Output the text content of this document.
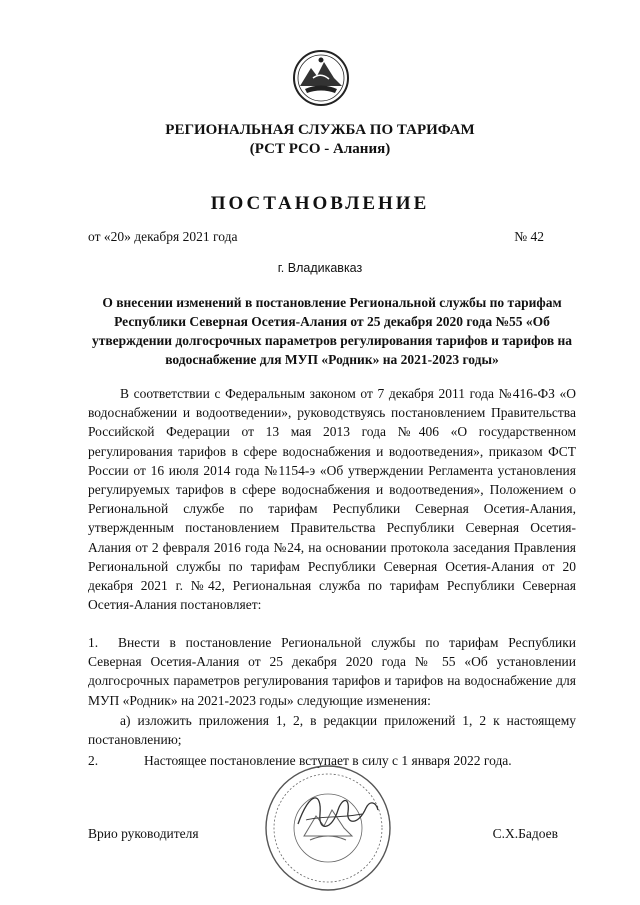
РЕГИОНАЛЬНАЯ СЛУЖБА ПО ТАРИФАМ
(РСТ РСО - Алания)
ПОСТАНОВЛЕНИЕ
от «20» декабря 2021 года	№ 42
г. Владикавказ
О внесении изменений в постановление Региональной службы по тарифам Республики Северная Осетия-Алания от 25 декабря 2020 года №55 «Об утверждении долгосрочных параметров регулирования тарифов и тарифов на водоснабжение для МУП «Родник» на 2021-2023 годы»
В соответствии с Федеральным законом от 7 декабря 2011 года №416-ФЗ «О водоснабжении и водоотведении», руководствуясь постановлением Правительства Российской Федерации от 13 мая 2013 года №406 «О государственном регулирования тарифов в сфере водоснабжения и водоотведения», приказом ФСТ России от 16 июля 2014 года №1154-э «Об утверждении Регламента установления регулируемых тарифов в сфере водоснабжения и водоотведения», Положением о Региональной службе по тарифам Республики Северная Осетия-Алания, утвержденным постановлением Правительства Республики Северная Осетия-Алания от 2 февраля 2016 года №24, на основании протокола заседания Правления Региональной службы по тарифам Республики Северная Осетия-Алания от 20 декабря 2021 г. №42, Региональная служба по тарифам Республики Северная Осетия-Алания постановляет:
1. Внести в постановление Региональной службы по тарифам Республики Северная Осетия-Алания от 25 декабря 2020 года № 55 «Об установлении долгосрочных параметров регулирования тарифов и тарифов на водоснабжение для МУП «Родник» на 2021-2023 годы» следующие изменения:
а) изложить приложения 1, 2, в редакции приложений 1, 2 к настоящему постановлению;
2.	Настоящее постановление вступает в силу с 1 января 2022 года.
Врио руководителя	С.Х.Бадоев
